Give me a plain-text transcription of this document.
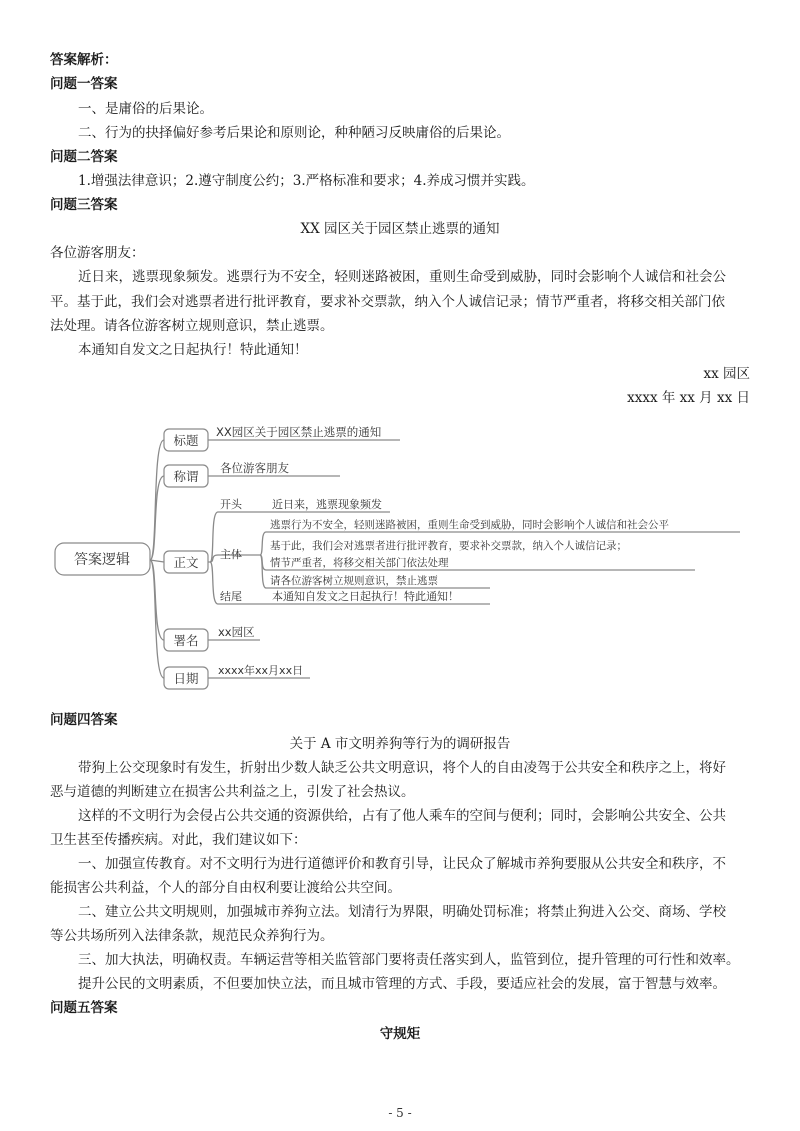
答案解析：
问题一答案
一、是庸俗的后果论。
二、行为的抉择偏好参考后果论和原则论，种种陋习反映庸俗的后果论。
问题二答案
1.增强法律意识；2.遵守制度公约；3.严格标准和要求；4.养成习惯并实践。
问题三答案
XX 园区关于园区禁止逃票的通知
各位游客朋友：
近日来，逃票现象频发。逃票行为不安全，轻则迷路被困，重则生命受到威胁，同时会影响个人诚信和社会公
平。基于此，我们会对逃票者进行批评教育，要求补交票款，纳入个人诚信记录；情节严重者，将移交相关部门依
法处理。请各位游客树立规则意识，禁止逃票。
本通知自发文之日起执行！特此通知！
xx 园区
xxxx 年 xx 月 xx 日
答案逻辑
标题
XX园区关于园区禁止逃票的通知
称谓
各位游客朋友
正文
开头	近日来，逃票现象频发
主体
逃票行为不安全，轻则迷路被困，重则生命受到威胁，同时会影响个人诚信和社会公平
基于此，我们会对逃票者进行批评教育，要求补交票款，纳入个人诚信记录；
情节严重者，将移交相关部门依法处理
请各位游客树立规则意识，禁止逃票
结尾	本通知自发文之日起执行！特此通知！
署名
xx园区
日期
xxxx年xx月xx日
问题四答案
关于 A 市文明养狗等行为的调研报告
带狗上公交现象时有发生，折射出少数人缺乏公共文明意识，将个人的自由凌驾于公共安全和秩序之上，将好
恶与道德的判断建立在损害公共利益之上，引发了社会热议。
这样的不文明行为会侵占公共交通的资源供给，占有了他人乘车的空间与便利；同时，会影响公共安全、公共
卫生甚至传播疾病。对此，我们建议如下：
一、加强宣传教育。对不文明行为进行道德评价和教育引导，让民众了解城市养狗要服从公共安全和秩序，不
能损害公共利益，个人的部分自由权利要让渡给公共空间。
二、建立公共文明规则，加强城市养狗立法。划清行为界限，明确处罚标准；将禁止狗进入公交、商场、学校
等公共场所列入法律条款，规范民众养狗行为。
三、加大执法，明确权责。车辆运营等相关监管部门要将责任落实到人，监管到位，提升管理的可行性和效率。
提升公民的文明素质，不但要加快立法，而且城市管理的方式、手段，要适应社会的发展，富于智慧与效率。
问题五答案
守规矩
- 5 -
